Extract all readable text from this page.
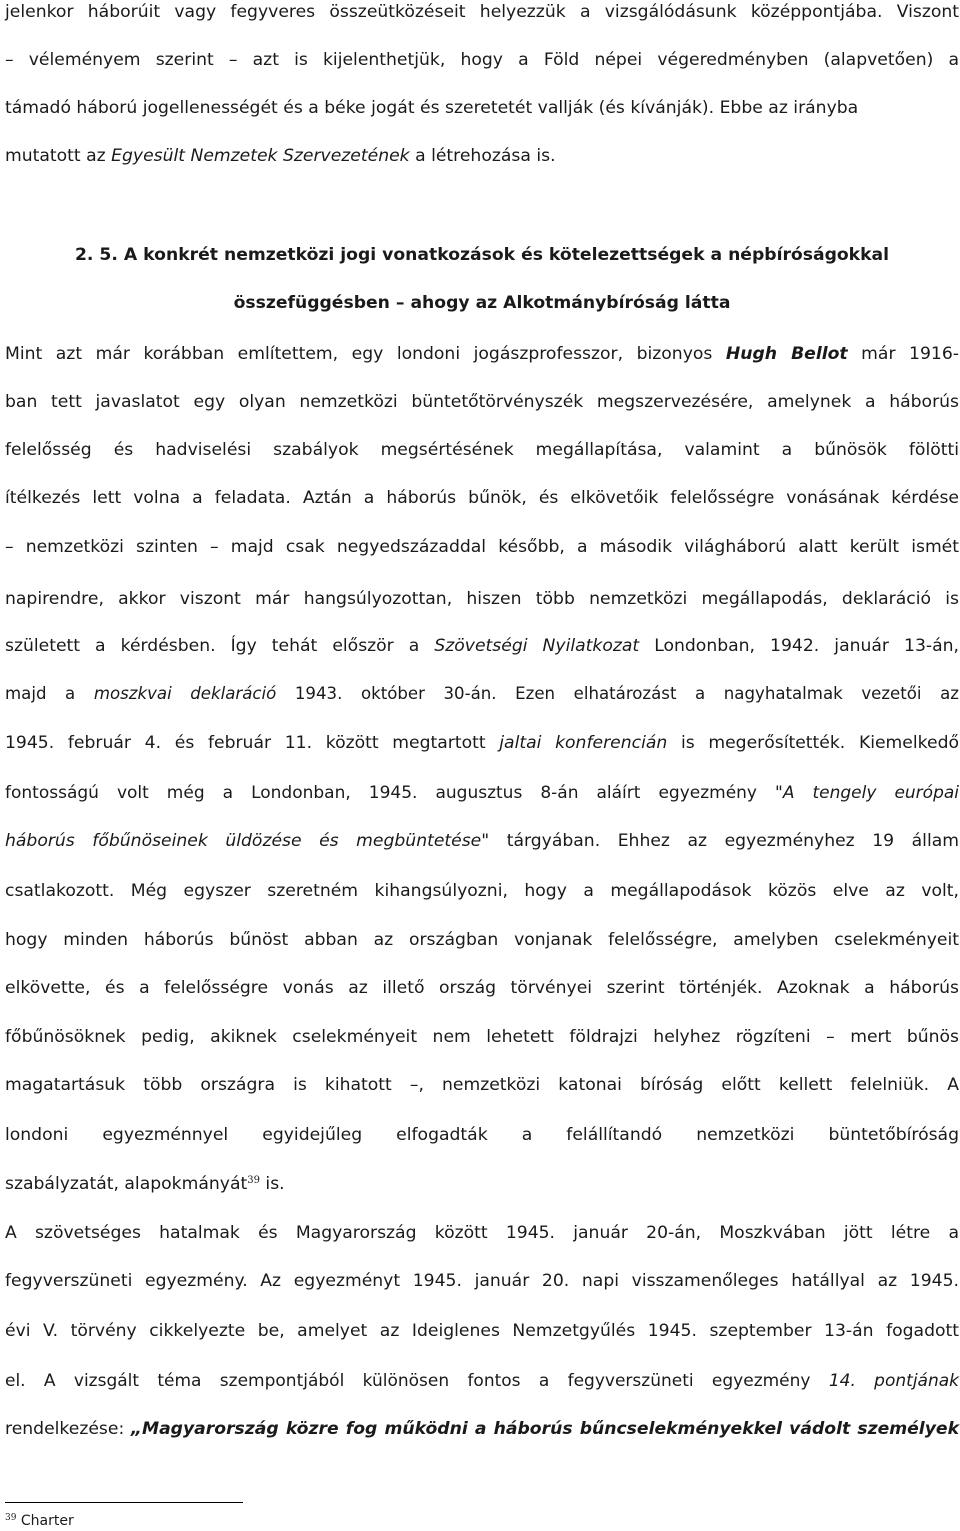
jelenkor háborúit vagy fegyveres összeütközéseit helyezzük a vizsgálódásunk középpontjába. Viszont
– véleményem szerint – azt is kijelenthetjük, hogy a Föld népei végeredményben (alapvetően) a
támadó háború jogellenességét és a béke jogát és szeretetét vallják (és kívánják). Ebbe az irányba
mutatott az Egyesült Nemzetek Szervezetének a létrehozása is.
2. 5. A konkrét nemzetközi jogi vonatkozások és kötelezettségek a népbíróságokkal
összefüggésben – ahogy az Alkotmánybíróság látta
Mint azt már korábban említettem, egy londoni jogászprofesszor, bizonyos Hugh Bellot már 1916-
ban tett javaslatot egy olyan nemzetközi büntetőtörvényszék megszervezésére, amelynek a háborús
felelősség és hadviselési szabályok megsértésének megállapítása, valamint a bűnösök fölötti
ítélkezés lett volna a feladata. Aztán a háborús bűnök, és elkövetőik felelősségre vonásának kérdése
– nemzetközi szinten – majd csak negyedszázaddal később, a második világháború alatt került ismét
napirendre, akkor viszont már hangsúlyozottan, hiszen több nemzetközi megállapodás, deklaráció is
született a kérdésben. Így tehát először a Szövetségi Nyilatkozat Londonban, 1942. január 13-án,
majd a moszkvai deklaráció 1943. október 30-án. Ezen elhatározást a nagyhatalmak vezetői az
1945. február 4. és február 11. között megtartott jaltai konferencián is megerősítették. Kiemelkedő
fontosságú volt még a Londonban, 1945. augusztus 8-án aláírt egyezmény "A tengely európai
háborús főbűnöseinek üldözése és megbüntetése" tárgyában. Ehhez az egyezményhez 19 állam
csatlakozott. Még egyszer szeretném kihangsúlyozni, hogy a megállapodások közös elve az volt,
hogy minden háborús bűnöst abban az országban vonjanak felelősségre, amelyben cselekményeit
elkövette, és a felelősségre vonás az illető ország törvényei szerint történjék. Azoknak a háborús
főbűnösöknek pedig, akiknek cselekményeit nem lehetett földrajzi helyhez rögzíteni – mert bűnös
magatartásuk több országra is kihatott –, nemzetközi katonai bíróság előtt kellett felelniük. A
londoni egyezménnyel egyidejűleg elfogadták a felállítandó nemzetközi büntetőbíróság
szabályzatát, alapokmányát$^{39}$ is.
A szövetséges hatalmak és Magyarország között 1945. január 20-án, Moszkvában jött létre a
fegyverszüneti egyezmény. Az egyezményt 1945. január 20. napi visszamenőleges hatállyal az 1945.
évi V. törvény cikkelyezte be, amelyet az Ideiglenes Nemzetgyűlés 1945. szeptember 13-án fogadott
el. A vizsgált téma szempontjából különösen fontos a fegyverszüneti egyezmény 14. pontjának
rendelkezése: „Magyarország közre fog működni a háborús bűncselekményekkel vádolt személyek
$^{39}$ Charter
